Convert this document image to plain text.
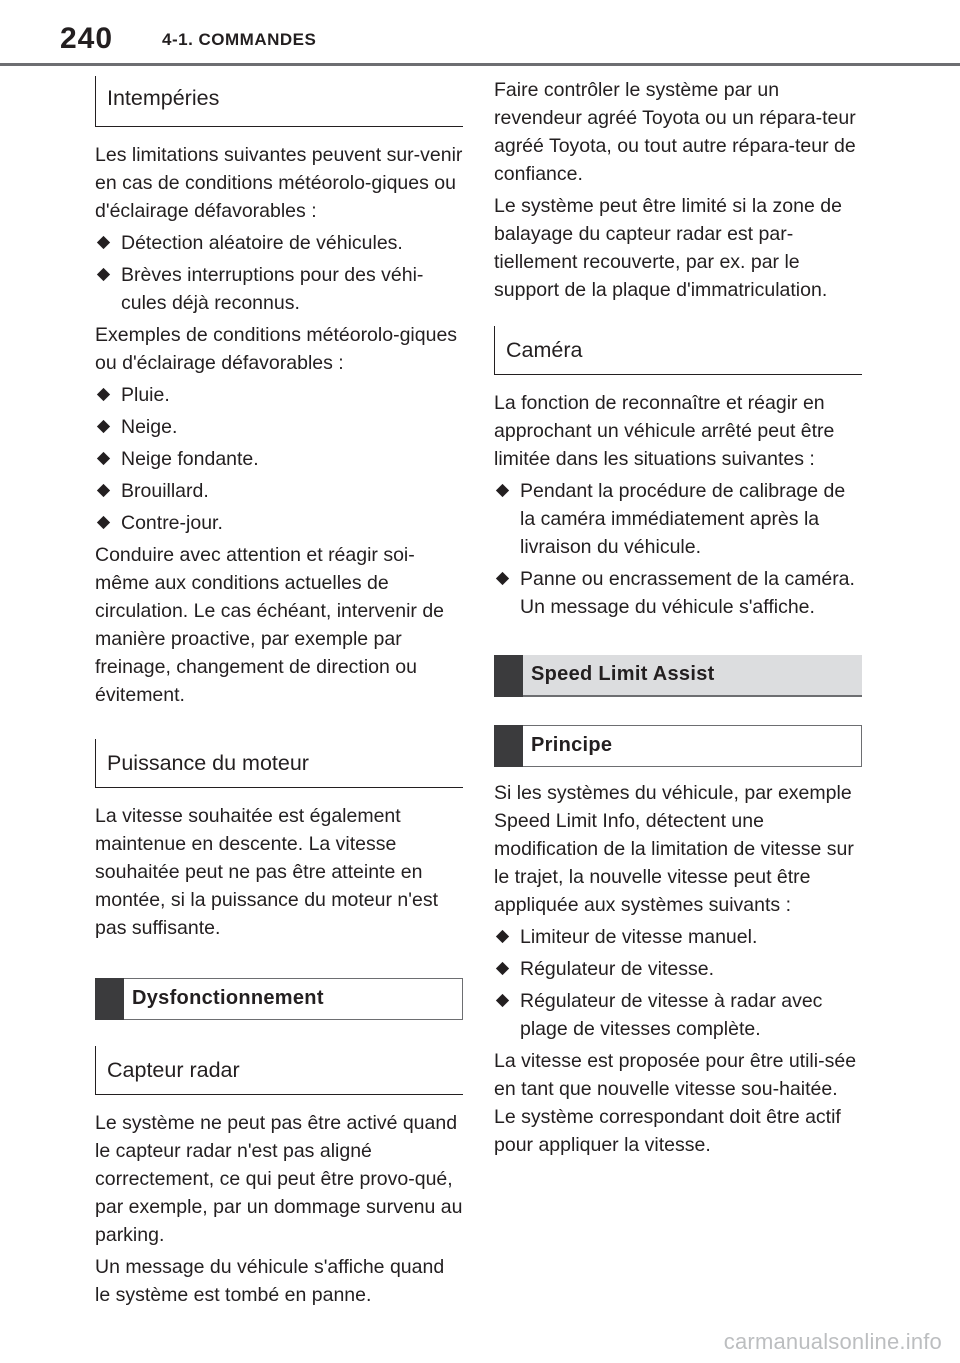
240	4-1. COMMANDES
Intempéries

Les limitations suivantes peuvent sur-venir en cas de conditions météorolo-giques ou d'éclairage défavorables :

Détection aléatoire de véhicules.
Brèves interruptions pour des véhi-cules déjà reconnus.

Exemples de conditions météorolo-giques ou d'éclairage défavorables :

Pluie.
Neige.
Neige fondante.
Brouillard.
Contre-jour.

Conduire avec attention et réagir soi-même aux conditions actuelles de circulation. Le cas échéant, intervenir de manière proactive, par exemple par freinage, changement de direction ou évitement.

Puissance du moteur

La vitesse souhaitée est également maintenue en descente. La vitesse souhaitée peut ne pas être atteinte en montée, si la puissance du moteur n'est pas suffisante.

Dysfonctionnement
Capteur radar

Le système ne peut pas être activé quand le capteur radar n'est pas aligné correctement, ce qui peut être provo-qué, par exemple, par un dommage survenu au parking.

Un message du véhicule s'affiche quand le système est tombé en panne.

Faire contrôler le système par un revendeur agréé Toyota ou un répara-teur agréé Toyota, ou tout autre répara-teur de confiance.

Le système peut être limité si la zone de balayage du capteur radar est par-tiellement recouverte, par ex. par le support de la plaque d'immatriculation.

Caméra

La fonction de reconnaître et réagir en approchant un véhicule arrêté peut être limitée dans les situations suivantes :

Pendant la procédure de calibrage de la caméra immédiatement après la livraison du véhicule.
Panne ou encrassement de la caméra. Un message du véhicule s'affiche.
Speed Limit Assist
Principe

Si les systèmes du véhicule, par exemple Speed Limit Info, détectent une modification de la limitation de vitesse sur le trajet, la nouvelle vitesse peut être appliquée aux systèmes suivants :

Limiteur de vitesse manuel.
Régulateur de vitesse.
Régulateur de vitesse à radar avec plage de vitesses complète.

La vitesse est proposée pour être utili-sée en tant que nouvelle vitesse sou-haitée. Le système correspondant doit être actif pour appliquer la vitesse.

carmanualsonline.info
